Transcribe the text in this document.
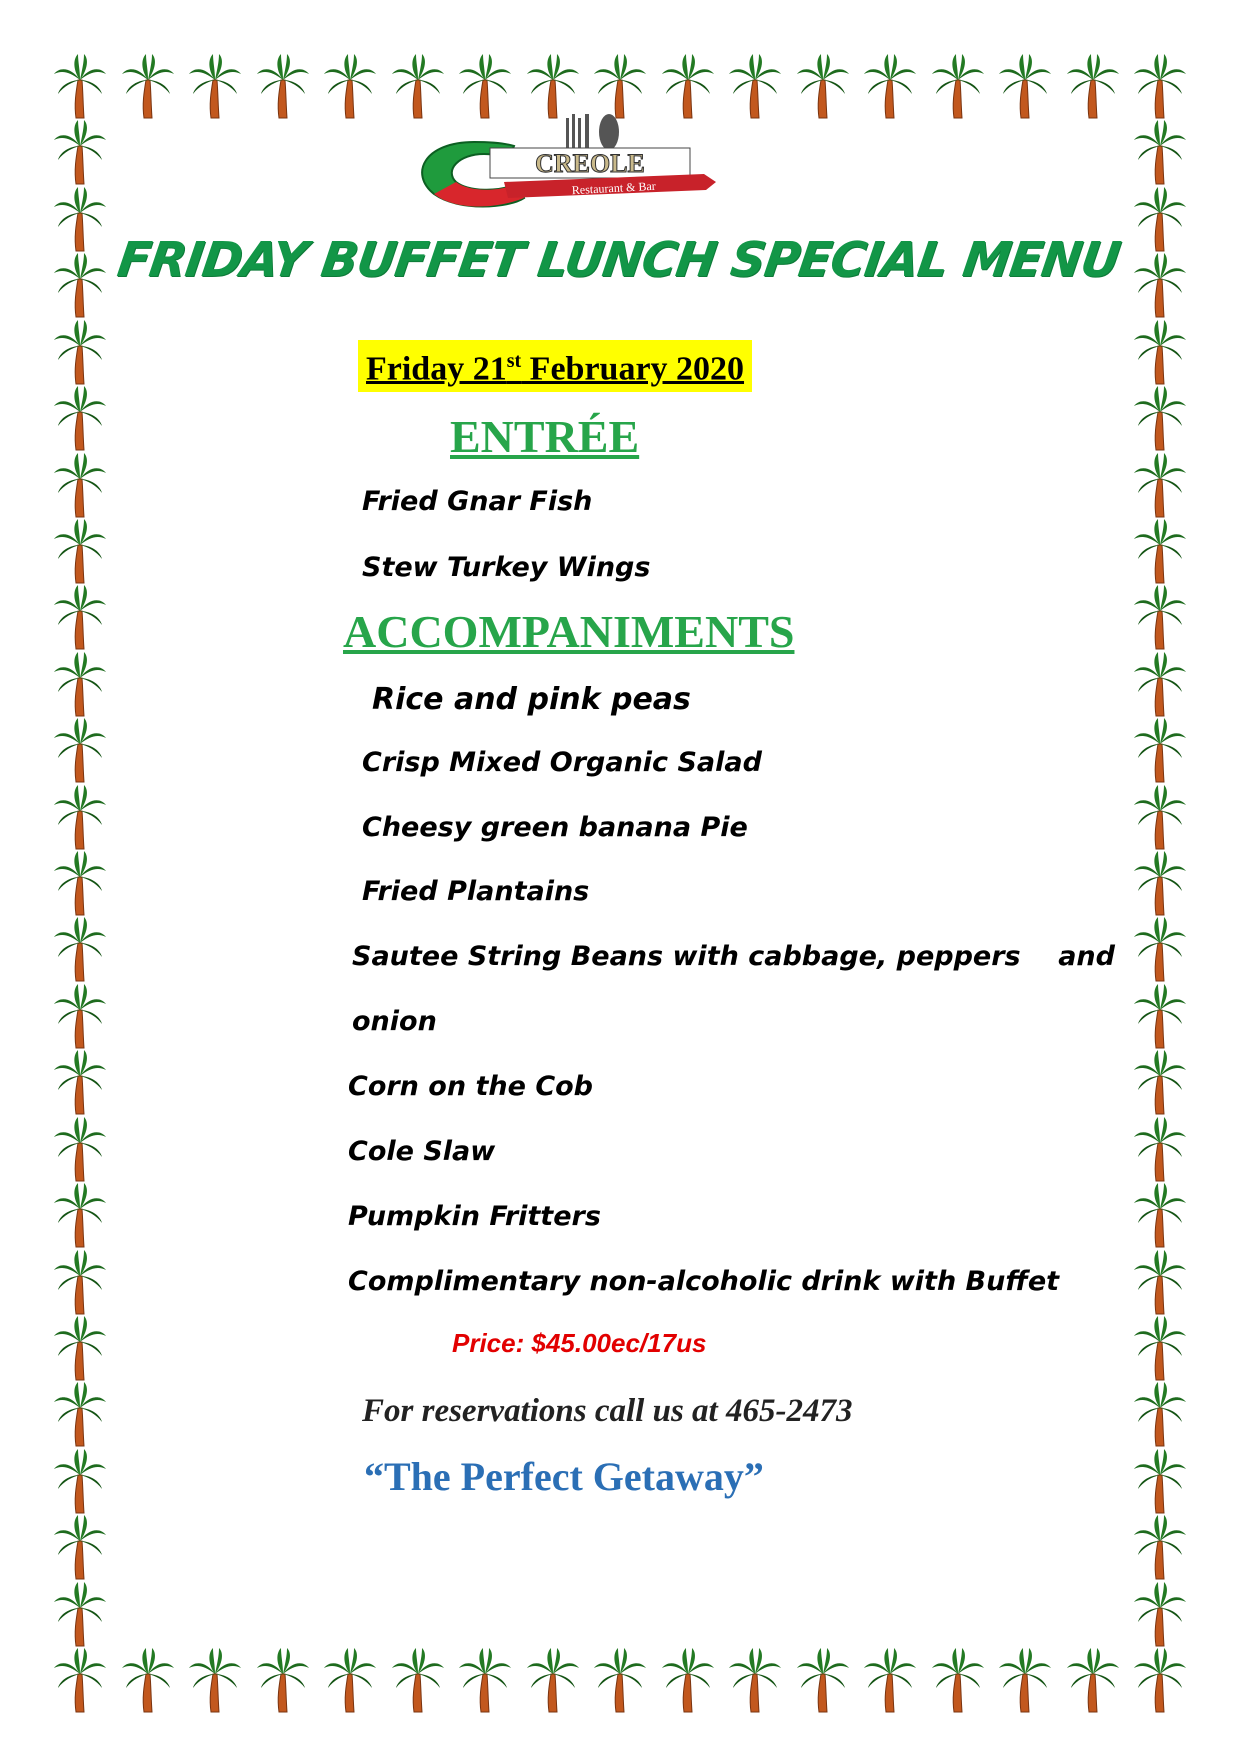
CREOLE
Restaurant & Bar
FRIDAY BUFFET LUNCH SPECIAL MENU
Friday 21st February 2020
ENTRÉE
Fried Gnar Fish
Stew Turkey Wings
ACCOMPANIMENTS
Rice and pink peas
Crisp Mixed Organic Salad
Cheesy green banana Pie
Fried Plantains
Sautee String Beans with cabbage, peppers    and
onion
Corn on the Cob
Cole Slaw
Pumpkin Fritters
Complimentary non-alcoholic drink with Buffet
Price: $45.00ec/17us
For reservations call us at 465-2473
“The Perfect Getaway”
